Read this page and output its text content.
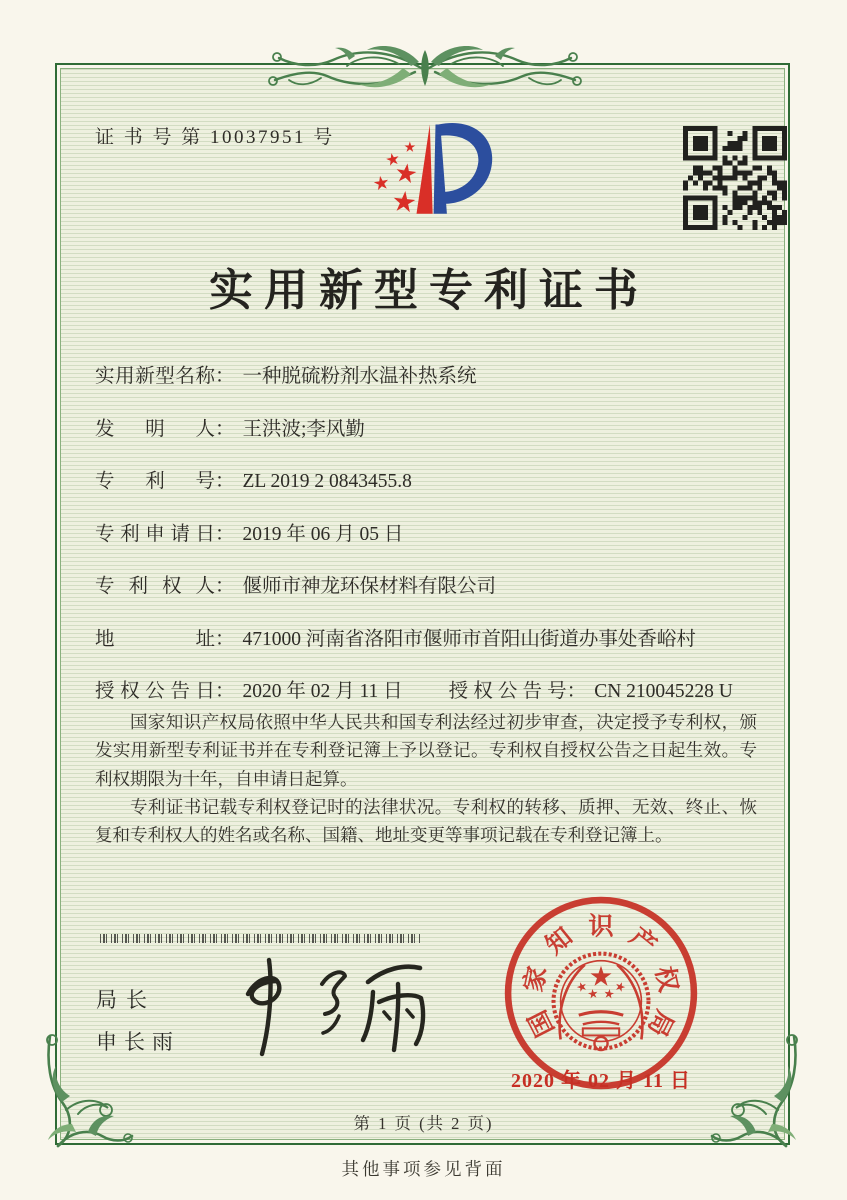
证 书 号 第 10037951 号
实用新型专利证书
实用新型名称 ： 一种脱硫粉剂水温补热系统
发明人 ： 王洪波;李风勤
专利号 ： ZL 2019 2 0843455.8
专利申请日 ： 2019 年 06 月 05 日
专利权人 ： 偃师市神龙环保材料有限公司
地址 ： 471000 河南省洛阳市偃师市首阳山街道办事处香峪村
授权公告日 ： 2020 年 02 月 11 日 授权公告号 ： CN 210045228 U

国家知识产权局依照中华人民共和国专利法经过初步审查，决定授予专利权，颁发实用新型专利证书并在专利登记簿上予以登记。专利权自授权公告之日起生效。专利权期限为十年，自申请日起算。

专利证书记载专利权登记时的法律状况。专利权的转移、质押、无效、终止、恢复和专利权人的姓名或名称、国籍、地址变更等事项记载在专利登记簿上。

局长
申长雨
国
家
知 识 产
权
局
2020 年 02 月 11 日
第 1 页 (共 2 页)
其他事项参见背面
